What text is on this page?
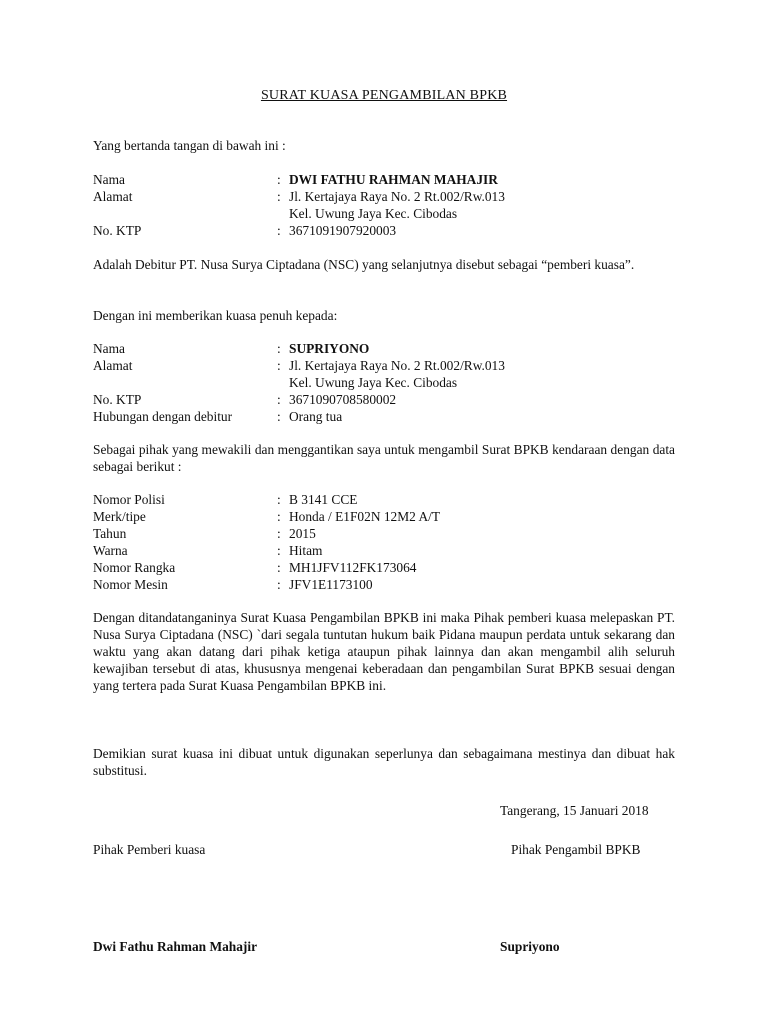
SURAT KUASA PENGAMBILAN BPKB
Yang bertanda tangan di bawah ini :
Nama	: DWI FATHU RAHMAN MAHAJIR
Alamat	: Jl. Kertajaya Raya No. 2 Rt.002/Rw.013
Kel. Uwung Jaya Kec. Cibodas
No. KTP	: 3671091907920003
Adalah Debitur PT. Nusa Surya Ciptadana (NSC) yang selanjutnya disebut sebagai “pemberi kuasa”.
Dengan ini memberikan kuasa penuh kepada:
Nama	: SUPRIYONO
Alamat	: Jl. Kertajaya Raya No. 2 Rt.002/Rw.013
Kel. Uwung Jaya Kec. Cibodas
No. KTP	: 3671090708580002
Hubungan dengan debitur	: Orang tua
Sebagai pihak yang mewakili dan menggantikan saya untuk mengambil Surat BPKB kendaraan dengan data sebagai berikut :
Nomor Polisi	: B 3141 CCE
Merk/tipe	: Honda / E1F02N 12M2 A/T
Tahun	: 2015
Warna	: Hitam
Nomor Rangka	: MH1JFV112FK173064
Nomor Mesin	: JFV1E1173100
Dengan ditandatanganinya Surat Kuasa Pengambilan BPKB ini maka Pihak pemberi kuasa melepaskan PT. Nusa Surya Ciptadana (NSC) `dari segala tuntutan hukum baik Pidana maupun perdata untuk sekarang dan waktu yang akan datang dari pihak ketiga ataupun pihak lainnya dan akan mengambil alih seluruh kewajiban tersebut di atas, khususnya mengenai keberadaan dan pengambilan Surat BPKB sesuai dengan yang tertera pada Surat Kuasa Pengambilan BPKB ini.
Demikian surat kuasa ini dibuat untuk digunakan seperlunya dan sebagaimana mestinya dan dibuat hak substitusi.
Tangerang, 15 Januari 2018
Pihak Pemberi kuasa	Pihak Pengambil BPKB
Dwi Fathu Rahman Mahajir	Supriyono
